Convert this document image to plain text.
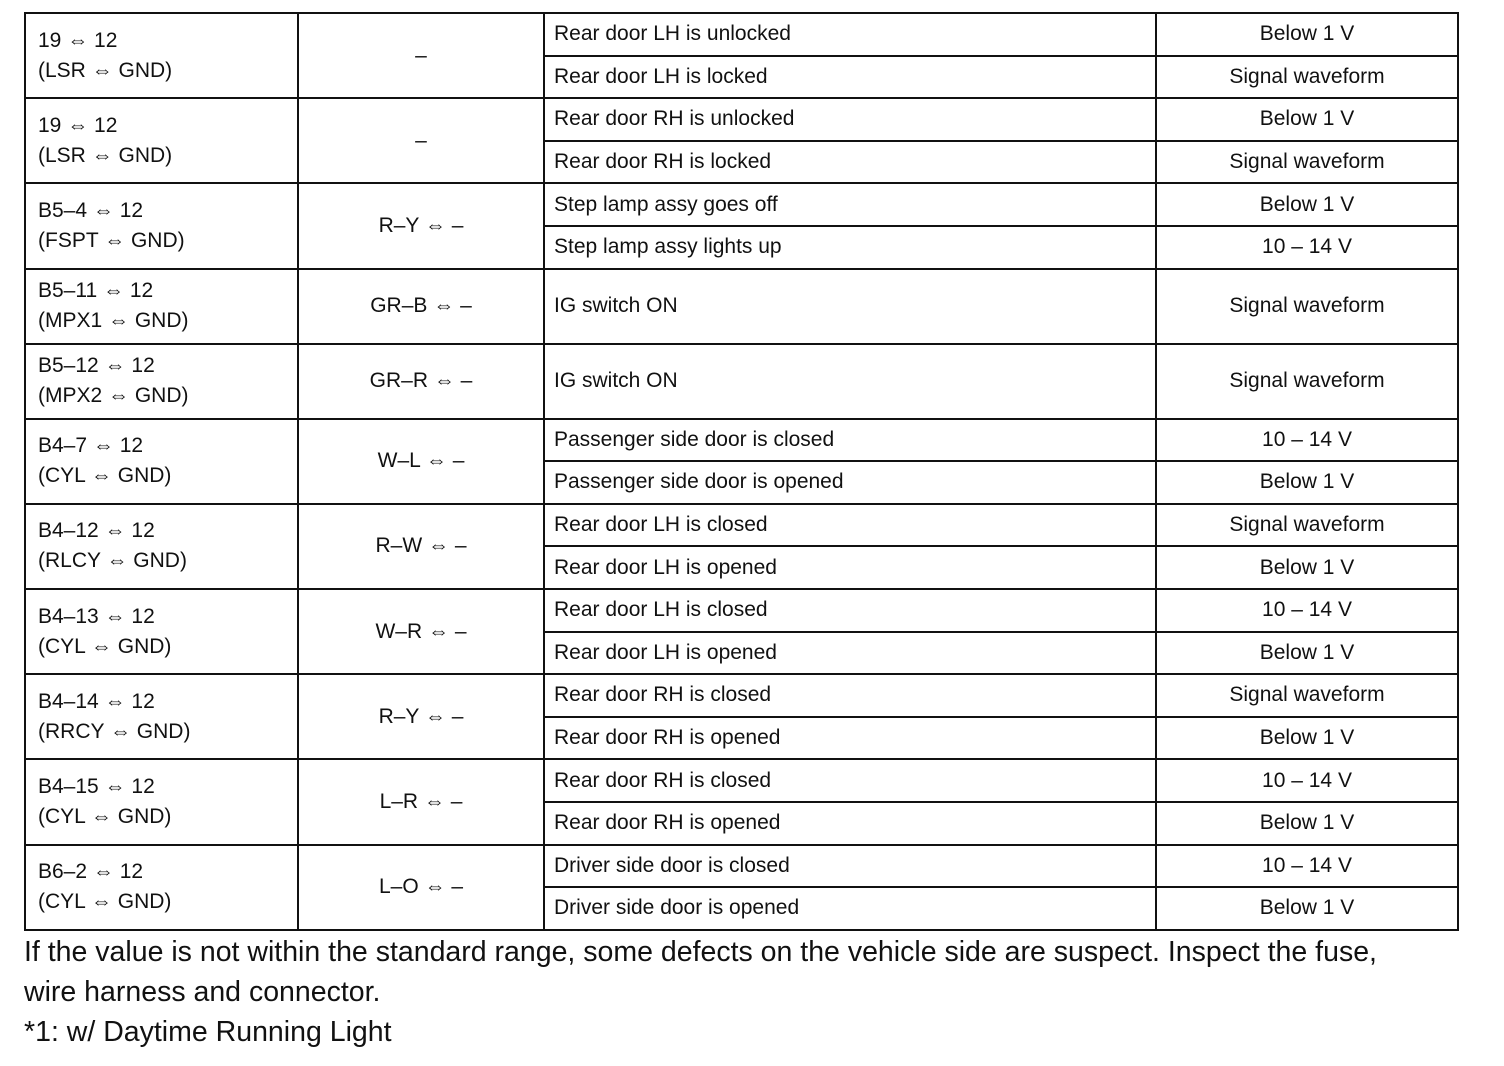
19 ⇔ 12
(LSR ⇔ GND)	–	Rear door LH is unlocked	Below 1 V
		Rear door LH is locked	Signal waveform

19 ⇔ 12
(LSR ⇔ GND)	–	Rear door RH is unlocked	Below 1 V
		Rear door RH is locked	Signal waveform

B5–4 ⇔ 12
(FSPT ⇔ GND)	R–Y ⇔ –	Step lamp assy goes off	Below 1 V
		Step lamp assy lights up	10 – 14 V

B5–11 ⇔ 12
(MPX1 ⇔ GND)	GR–B ⇔ –	IG switch ON	Signal waveform

B5–12 ⇔ 12
(MPX2 ⇔ GND)	GR–R ⇔ –	IG switch ON	Signal waveform

B4–7 ⇔ 12
(CYL ⇔ GND)	W–L ⇔ –	Passenger side door is closed	10 – 14 V
		Passenger side door is opened	Below 1 V

B4–12 ⇔ 12
(RLCY ⇔ GND)	R–W ⇔ –	Rear door LH is closed	Signal waveform
		Rear door LH is opened	Below 1 V

B4–13 ⇔ 12
(CYL ⇔ GND)	W–R ⇔ –	Rear door LH is closed	10 – 14 V
		Rear door LH is opened	Below 1 V

B4–14 ⇔ 12
(RRCY ⇔ GND)	R–Y ⇔ –	Rear door RH is closed	Signal waveform
		Rear door RH is opened	Below 1 V

B4–15 ⇔ 12
(CYL ⇔ GND)	L–R ⇔ –	Rear door RH is closed	10 – 14 V
		Rear door RH is opened	Below 1 V

B6–2 ⇔ 12
(CYL ⇔ GND)	L–O ⇔ –	Driver side door is closed	10 – 14 V
		Driver side door is opened	Below 1 V
If the value is not within the standard range, some defects on the vehicle side are suspect. Inspect the fuse,
wire harness and connector.
*1: w/ Daytime Running Light
